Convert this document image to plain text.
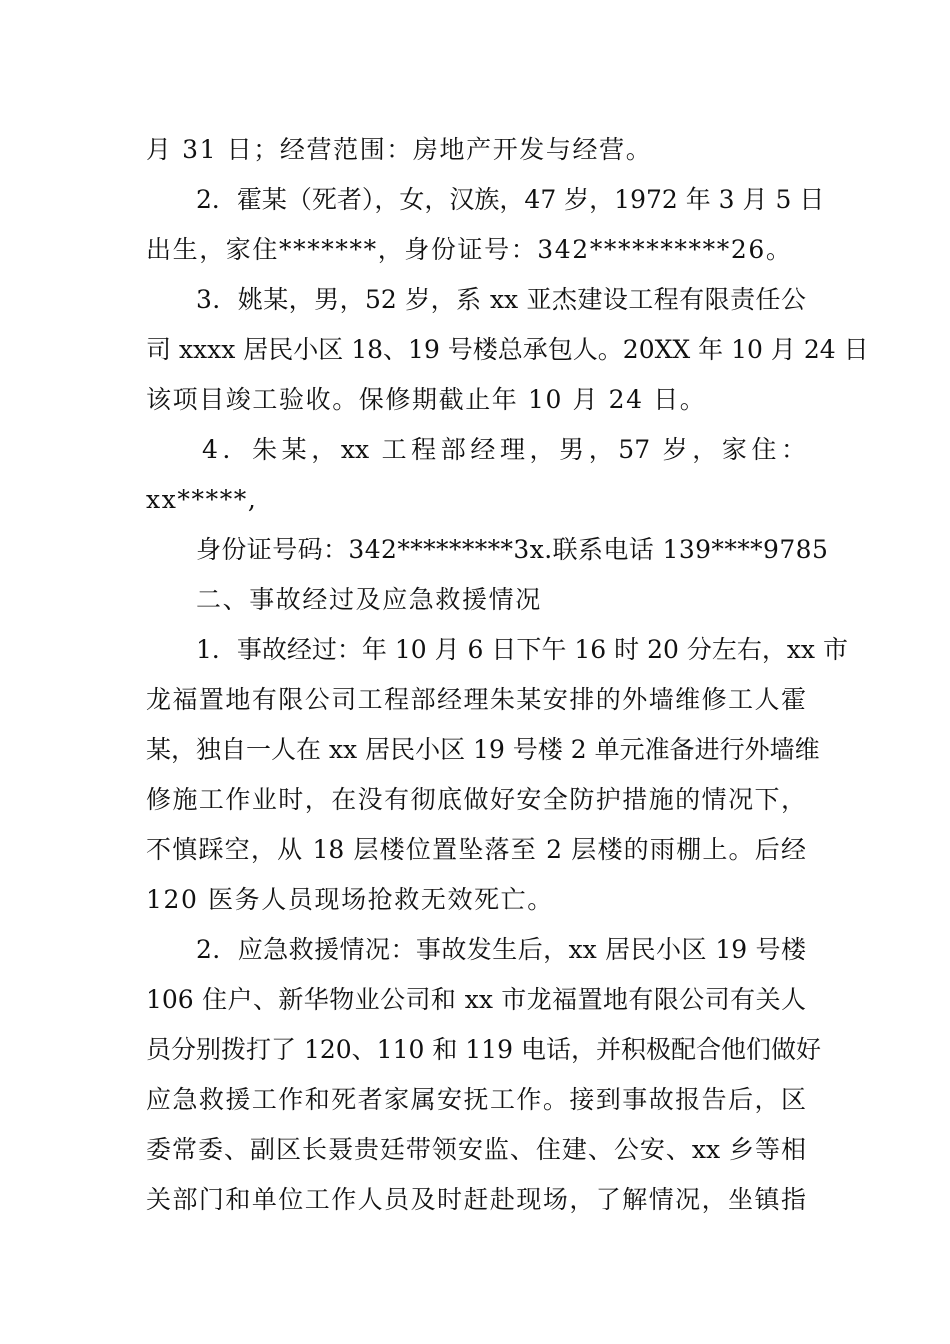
月 31 日；经营范围：房地产开发与经营。
2．霍某（死者），女，汉族，47 岁，1972 年 3 月 5 日
出生，家住*******，身份证号：342**********26。
3．姚某，男，52 岁，系 xx 亚杰建设工程有限责任公
司 xxxx 居民小区 18、19 号楼总承包人。20XX 年 10 月 24 日
该项目竣工验收。保修期截止年 10 月 24 日。
4．朱某，xx 工程部经理，男，57 岁，家住：
xx*****,
身份证号码：342*********3x.联系电话 139****9785
二、事故经过及应急救援情况
1．事故经过：年 10 月 6 日下午 16 时 20 分左右，xx 市
龙福置地有限公司工程部经理朱某安排的外墙维修工人霍
某，独自一人在 xx 居民小区 19 号楼 2 单元准备进行外墙维
修施工作业时，在没有彻底做好安全防护措施的情况下，
不慎踩空，从 18 层楼位置坠落至 2 层楼的雨棚上。后经
120 医务人员现场抢救无效死亡。
2．应急救援情况：事故发生后，xx 居民小区 19 号楼
106 住户、新华物业公司和 xx 市龙福置地有限公司有关人
员分别拨打了 120、110 和 119 电话，并积极配合他们做好
应急救援工作和死者家属安抚工作。接到事故报告后，区
委常委、副区长聂贵廷带领安监、住建、公安、xx 乡等相
关部门和单位工作人员及时赶赴现场，了解情况，坐镇指
